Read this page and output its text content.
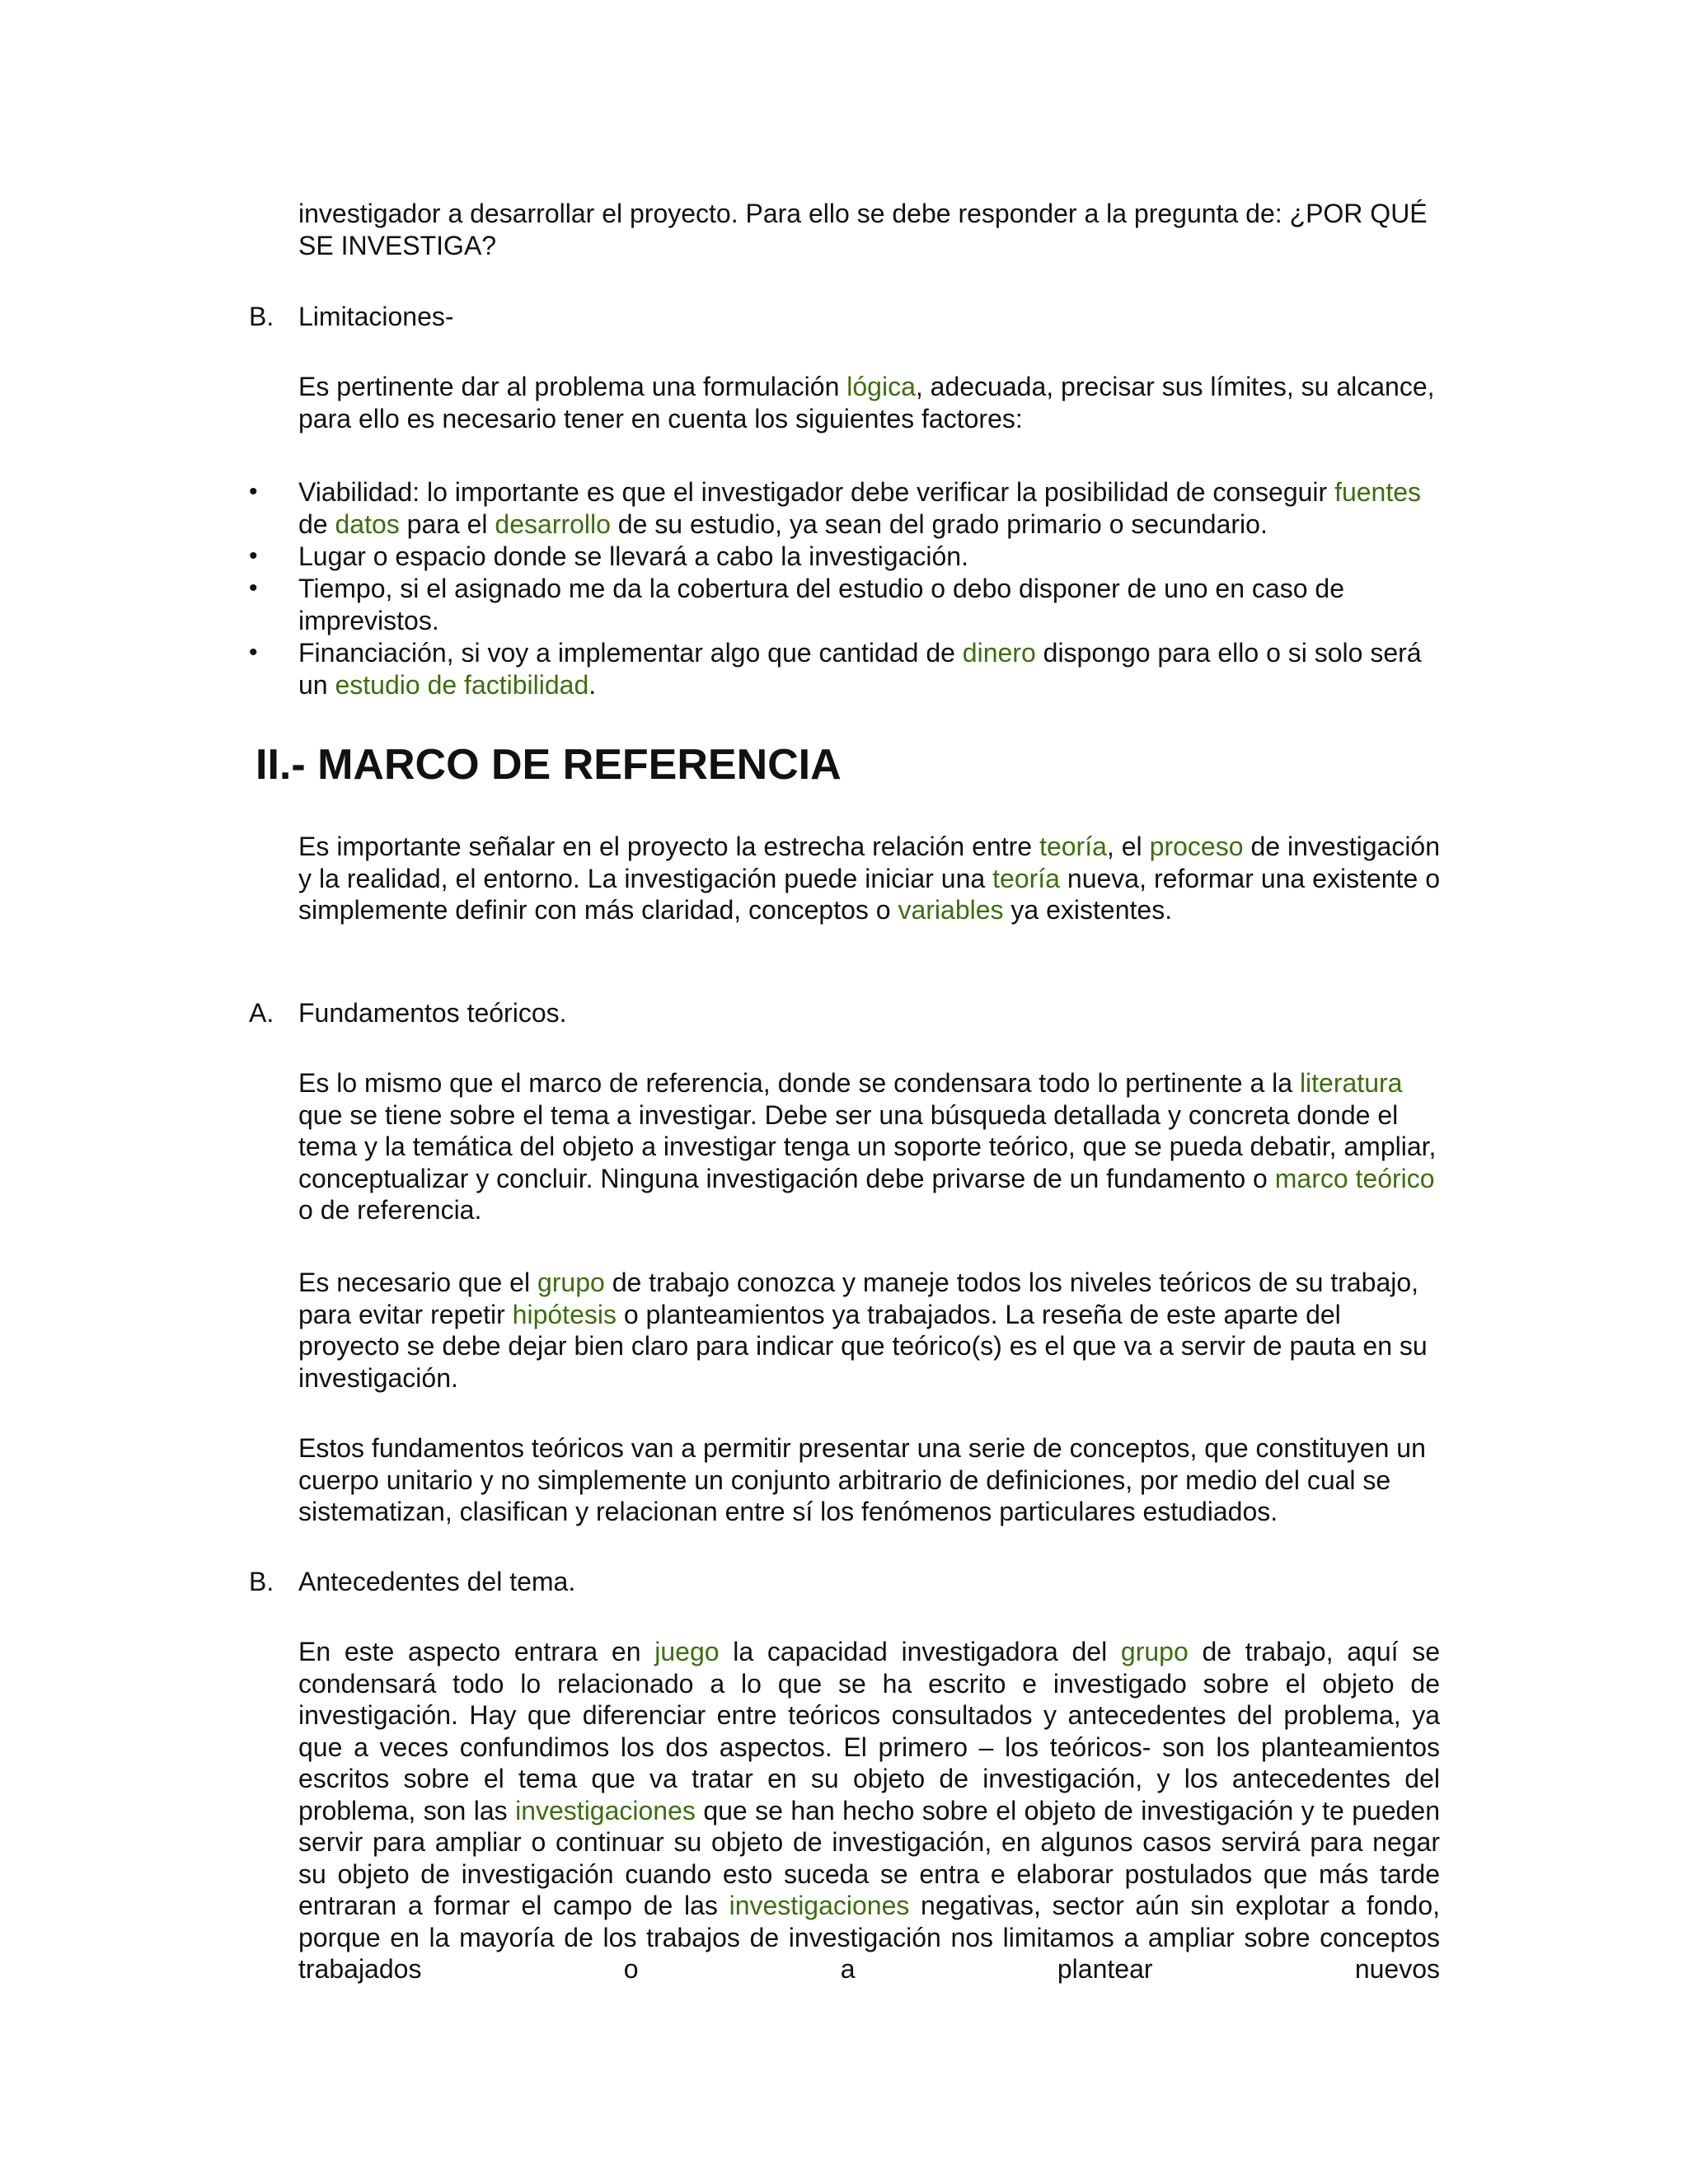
investigador a desarrollar el proyecto. Para ello se debe responder a la pregunta de: ¿POR QUÉ SE INVESTIGA?

B. Limitaciones-

Es pertinente dar al problema una formulación lógica, adecuada, precisar sus límites, su alcance, para ello es necesario tener en cuenta los siguientes factores:

• Viabilidad: lo importante es que el investigador debe verificar la posibilidad de conseguir fuentes de datos para el desarrollo de su estudio, ya sean del grado primario o secundario.

• Lugar o espacio donde se llevará a cabo la investigación.

• Tiempo, si el asignado me da la cobertura del estudio o debo disponer de uno en caso de imprevistos.

• Financiación, si voy a implementar algo que cantidad de dinero dispongo para ello o si solo será un estudio de factibilidad.

II.- MARCO DE REFERENCIA

Es importante señalar en el proyecto la estrecha relación entre teoría, el proceso de investigación y la realidad, el entorno. La investigación puede iniciar una teoría nueva, reformar una existente o simplemente definir con más claridad, conceptos o variables ya existentes.

A. Fundamentos teóricos.

Es lo mismo que el marco de referencia, donde se condensara todo lo pertinente a la literatura que se tiene sobre el tema a investigar. Debe ser una búsqueda detallada y concreta donde el tema y la temática del objeto a investigar tenga un soporte teórico, que se pueda debatir, ampliar, conceptualizar y concluir. Ninguna investigación debe privarse de un fundamento o marco teórico o de referencia.

Es necesario que el grupo de trabajo conozca y maneje todos los niveles teóricos de su trabajo, para evitar repetir hipótesis o planteamientos ya trabajados. La reseña de este aparte del proyecto se debe dejar bien claro para indicar que teórico(s) es el que va a servir de pauta en su investigación.

Estos fundamentos teóricos van a permitir presentar una serie de conceptos, que constituyen un cuerpo unitario y no simplemente un conjunto arbitrario de definiciones, por medio del cual se sistematizan, clasifican y relacionan entre sí los fenómenos particulares estudiados.

B. Antecedentes del tema.

En este aspecto entrara en juego la capacidad investigadora del grupo de trabajo, aquí se condensará todo lo relacionado a lo que se ha escrito e investigado sobre el objeto de investigación. Hay que diferenciar entre teóricos consultados y antecedentes del problema, ya que a veces confundimos los dos aspectos. El primero – los teóricos- son los planteamientos escritos sobre el tema que va tratar en su objeto de investigación, y los antecedentes del problema, son las investigaciones que se han hecho sobre el objeto de investigación y te pueden servir para ampliar o continuar su objeto de investigación, en algunos casos servirá para negar su objeto de investigación cuando esto suceda se entra e elaborar postulados que más tarde entraran a formar el campo de las investigaciones negativas, sector aún sin explotar a fondo, porque en la mayoría de los trabajos de investigación nos limitamos a ampliar sobre conceptos trabajados o a plantear nuevos
